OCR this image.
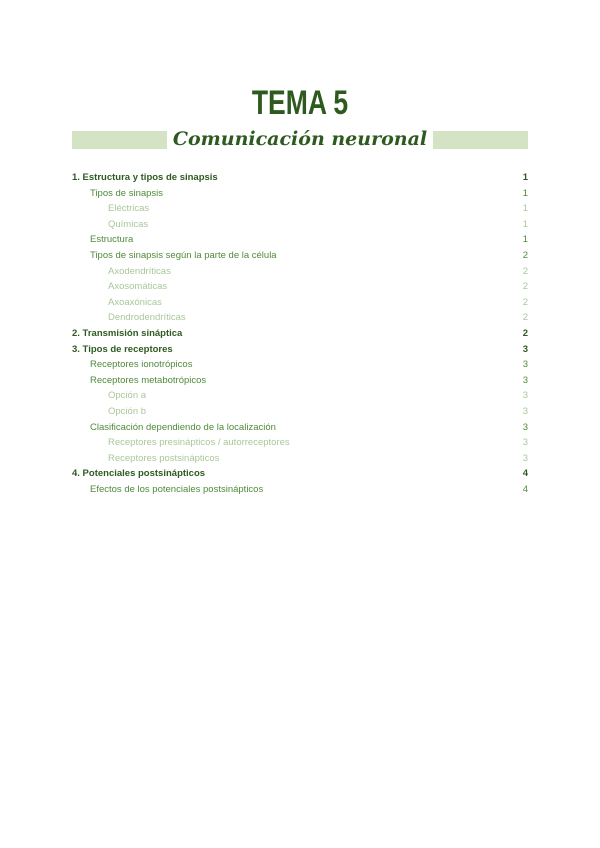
TEMA 5
Comunicación neuronal
1. Estructura y tipos de sinapsis	1
Tipos de sinapsis	1
Eléctricas	1
Químicas	1
Estructura	1
Tipos de sinapsis según la parte de la célula	2
Axodendríticas	2
Axosomáticas	2
Axoaxónicas	2
Dendrodendríticas	2
2. Transmisión sináptica	2
3. Tipos de receptores	3
Receptores ionotrópicos	3
Receptores metabotrópicos	3
Opción a	3
Opción b	3
Clasificación dependiendo de la localización	3
Receptores presinápticos / autorreceptores	3
Receptores postsinápticos	3
4. Potenciales postsinápticos	4
Efectos de los potenciales postsinápticos	4
